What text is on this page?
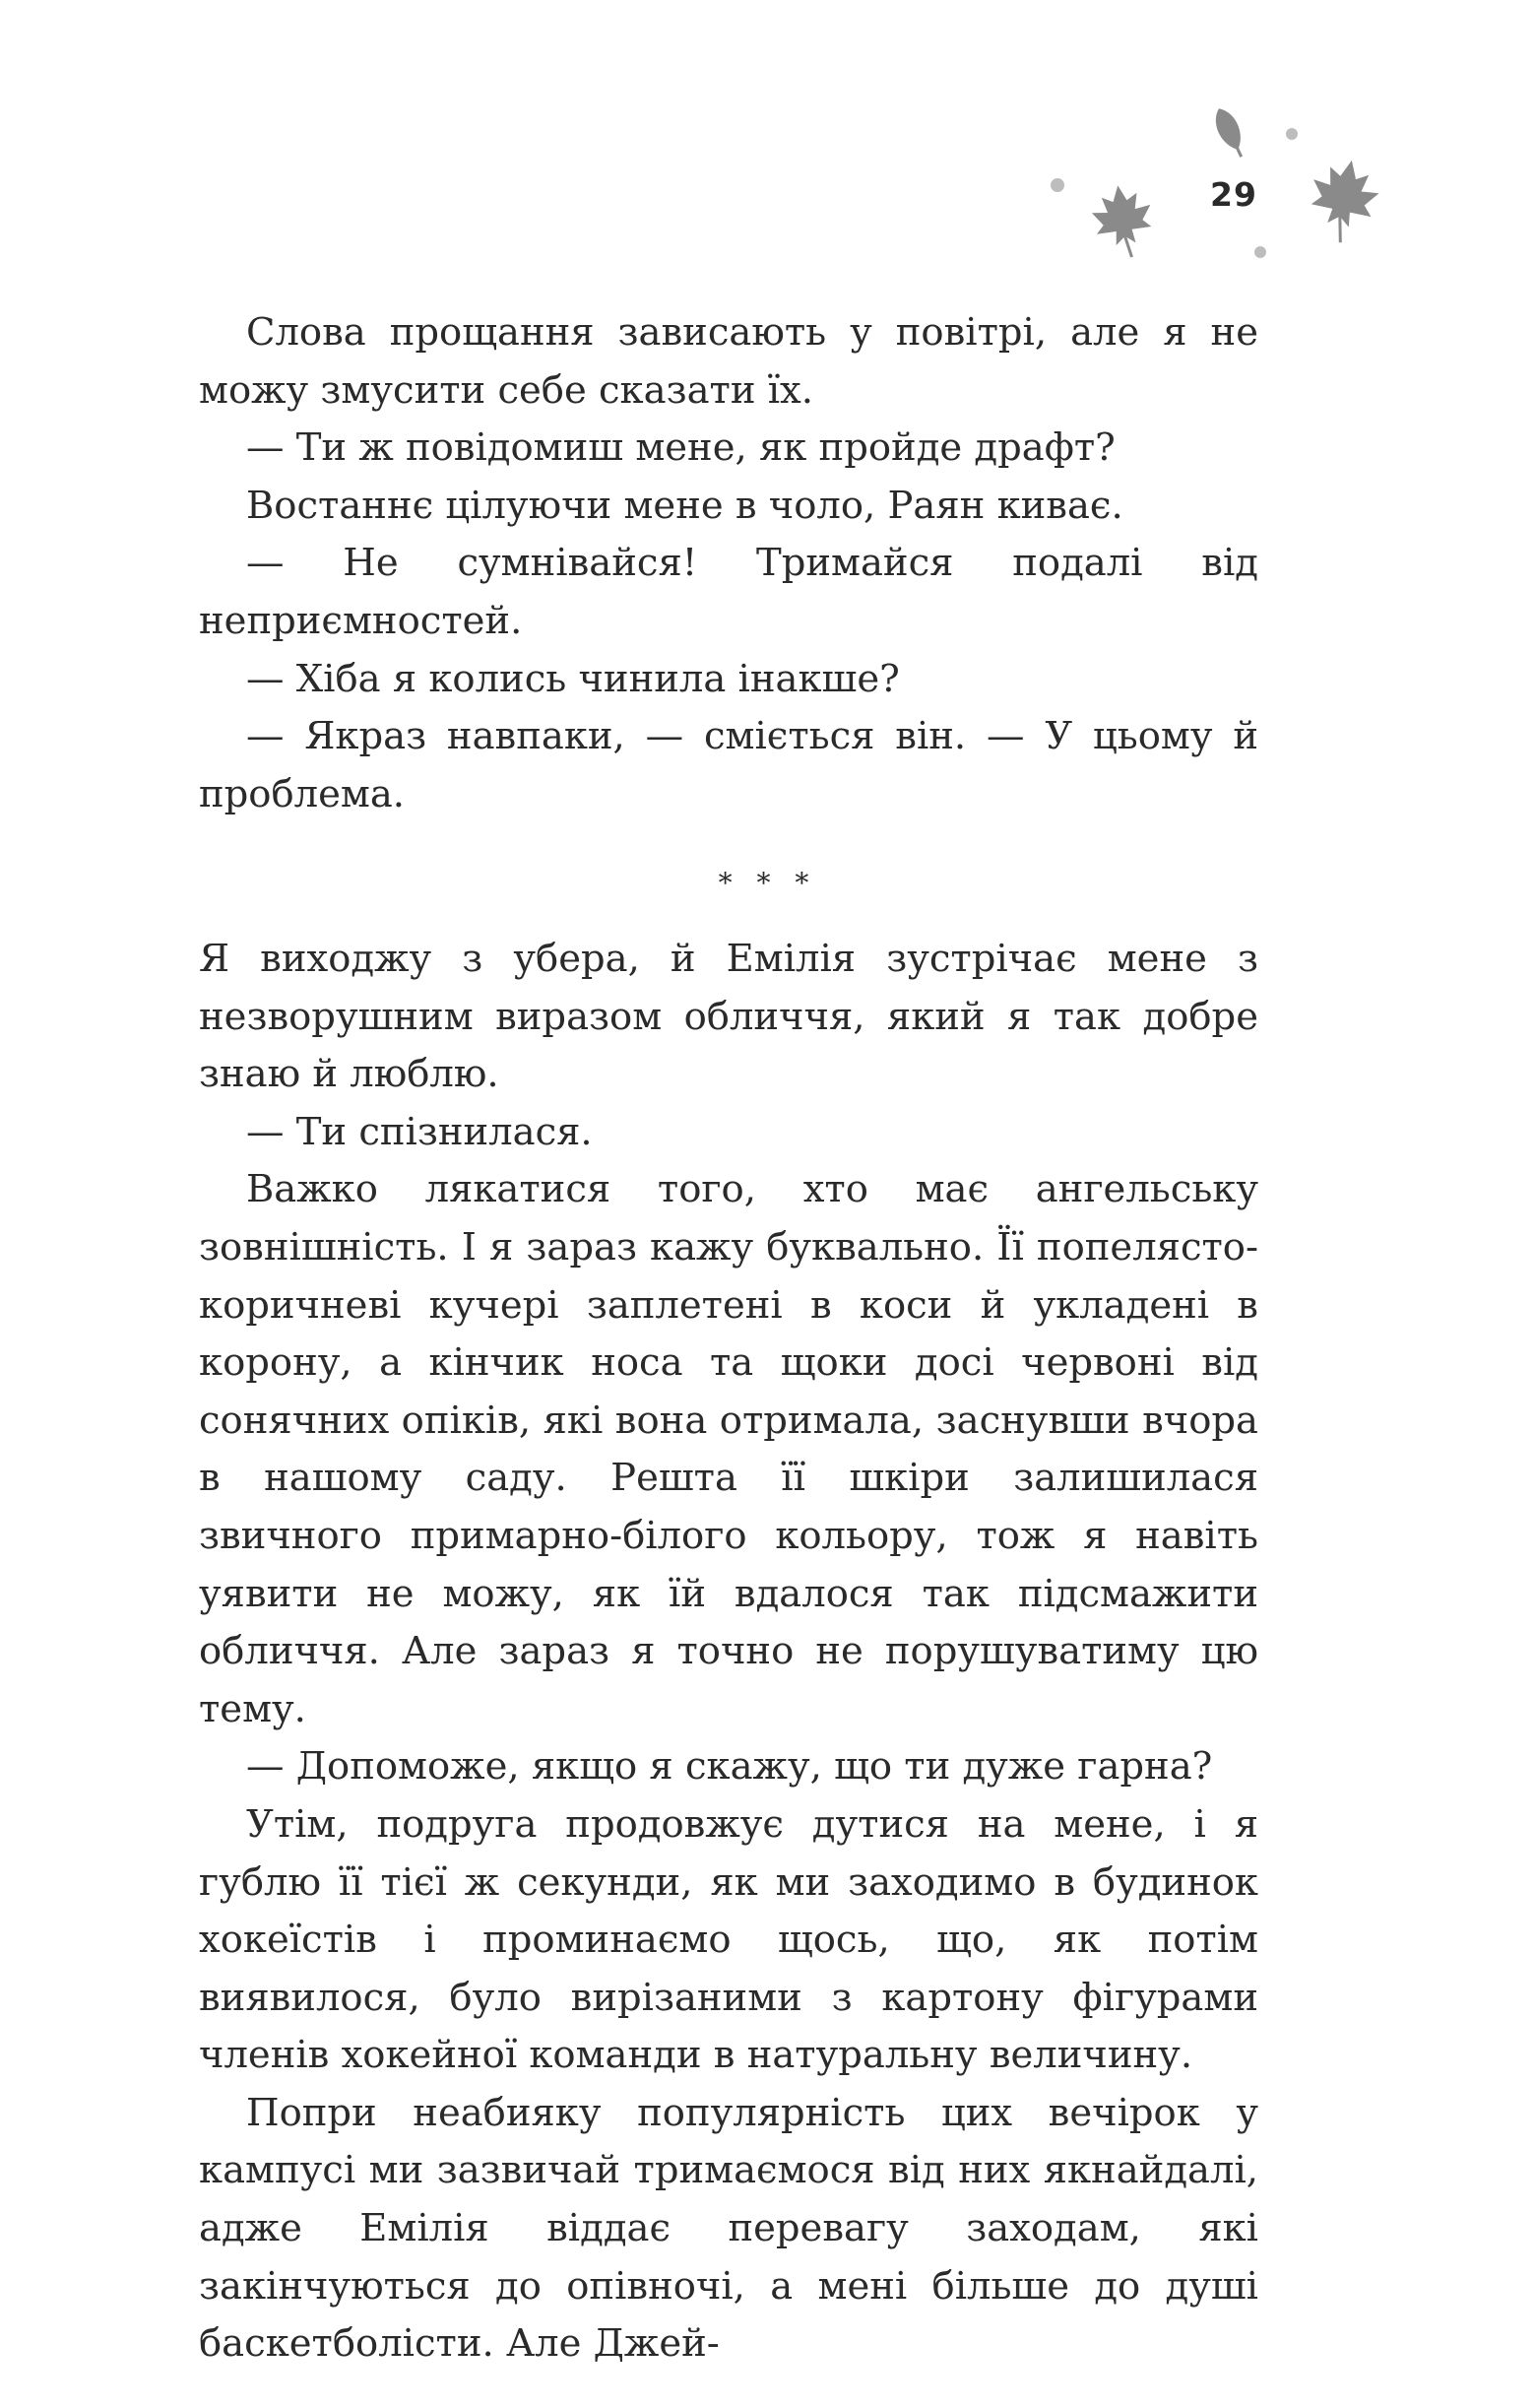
29

Слова прощання зависають у повітрі, але я не можу змусити себе сказати їх.

— Ти ж повідомиш мене, як пройде драфт?

Востаннє цілуючи мене в чоло, Раян киває.

— Не сумнівайся! Тримайся подалі від неприємностей.

— Хіба я колись чинила інакше?

— Якраз навпаки, — сміється він. — У цьому й проблема.

* * *

Я виходжу з убера, й Емілія зустрічає мене з незворушним виразом обличчя, який я так добре знаю й люблю.

— Ти спізнилася.

Важко лякатися того, хто має ангельську зовнішність. І я зараз кажу буквально. Її попелясто-коричневі кучері заплетені в коси й укладені в корону, а кінчик носа та щоки досі червоні від сонячних опіків, які вона отримала, заснувши вчора в нашому саду. Решта її шкіри залишилася звичного примарно-білого кольору, тож я навіть уявити не можу, як їй вдалося так підсмажити обличчя. Але зараз я точно не порушуватиму цю тему.

— Допоможе, якщо я скажу, що ти дуже гарна?

Утім, подруга продовжує дутися на мене, і я гублю її тієї ж секунди, як ми заходимо в будинок хокеїстів і проминаємо щось, що, як потім виявилося, було вирізаними з картону фігурами членів хокейної команди в натуральну величину.

Попри неабияку популярність цих вечірок у кампусі ми зазвичай тримаємося від них якнайдалі, адже Емілія віддає перевагу заходам, які закінчуються до опівночі, а мені більше до душі баскетболісти. Але Джей-
